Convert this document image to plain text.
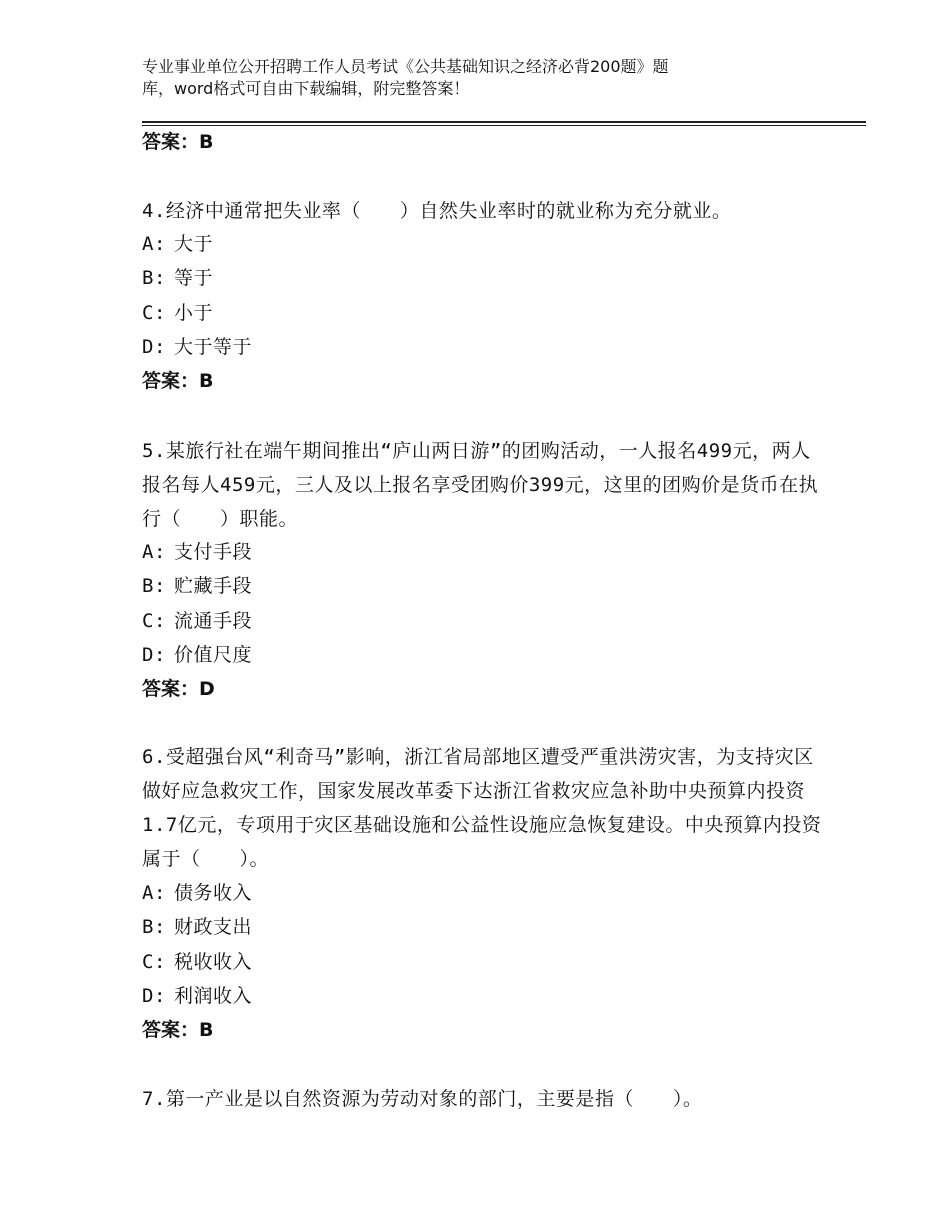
专业事业单位公开招聘工作人员考试《公共基础知识之经济必背200题》题
库，word格式可自由下载编辑，附完整答案！
答案：B
4.经济中通常把失业率（　　）自然失业率时的就业称为充分就业。
A: 大于
B: 等于
C: 小于
D: 大于等于
答案：B
5.某旅行社在端午期间推出“庐山两日游”的团购活动，一人报名499元，两人报名每人459元，三人及以上报名享受团购价399元，这里的团购价是货币在执行（　　）职能。
A: 支付手段
B: 贮藏手段
C: 流通手段
D: 价值尺度
答案：D
6.受超强台风“利奇马”影响，浙江省局部地区遭受严重洪涝灾害，为支持灾区做好应急救灾工作，国家发展改革委下达浙江省救灾应急补助中央预算内投资1.7亿元，专项用于灾区基础设施和公益性设施应急恢复建设。中央预算内投资属于（　　）。
A: 债务收入
B: 财政支出
C: 税收收入
D: 利润收入
答案：B
7.第一产业是以自然资源为劳动对象的部门，主要是指（　　）。
